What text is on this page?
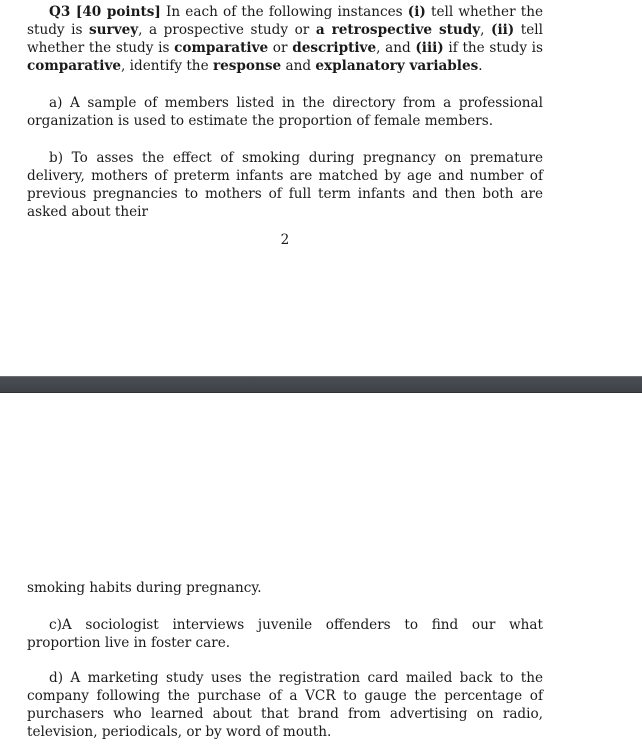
Q3 [40 points] In each of the following instances (i) tell whether the study is survey, a prospective study or a retrospective study, (ii) tell whether the study is comparative or descriptive, and (iii) if the study is comparative, identify the response and explanatory variables.

a) A sample of members listed in the directory from a professional organization is used to estimate the proportion of female members.

b) To asses the effect of smoking during pregnancy on premature delivery, mothers of preterm infants are matched by age and number of previous pregnancies to mothers of full term infants and then both are asked about their

2

smoking habits during pregnancy.

c)A sociologist interviews juvenile offenders to find our what proportion live in foster care.

d) A marketing study uses the registration card mailed back to the company following the purchase of a VCR to gauge the percentage of purchasers who learned about that brand from advertising on radio, television, periodicals, or by word of mouth.
